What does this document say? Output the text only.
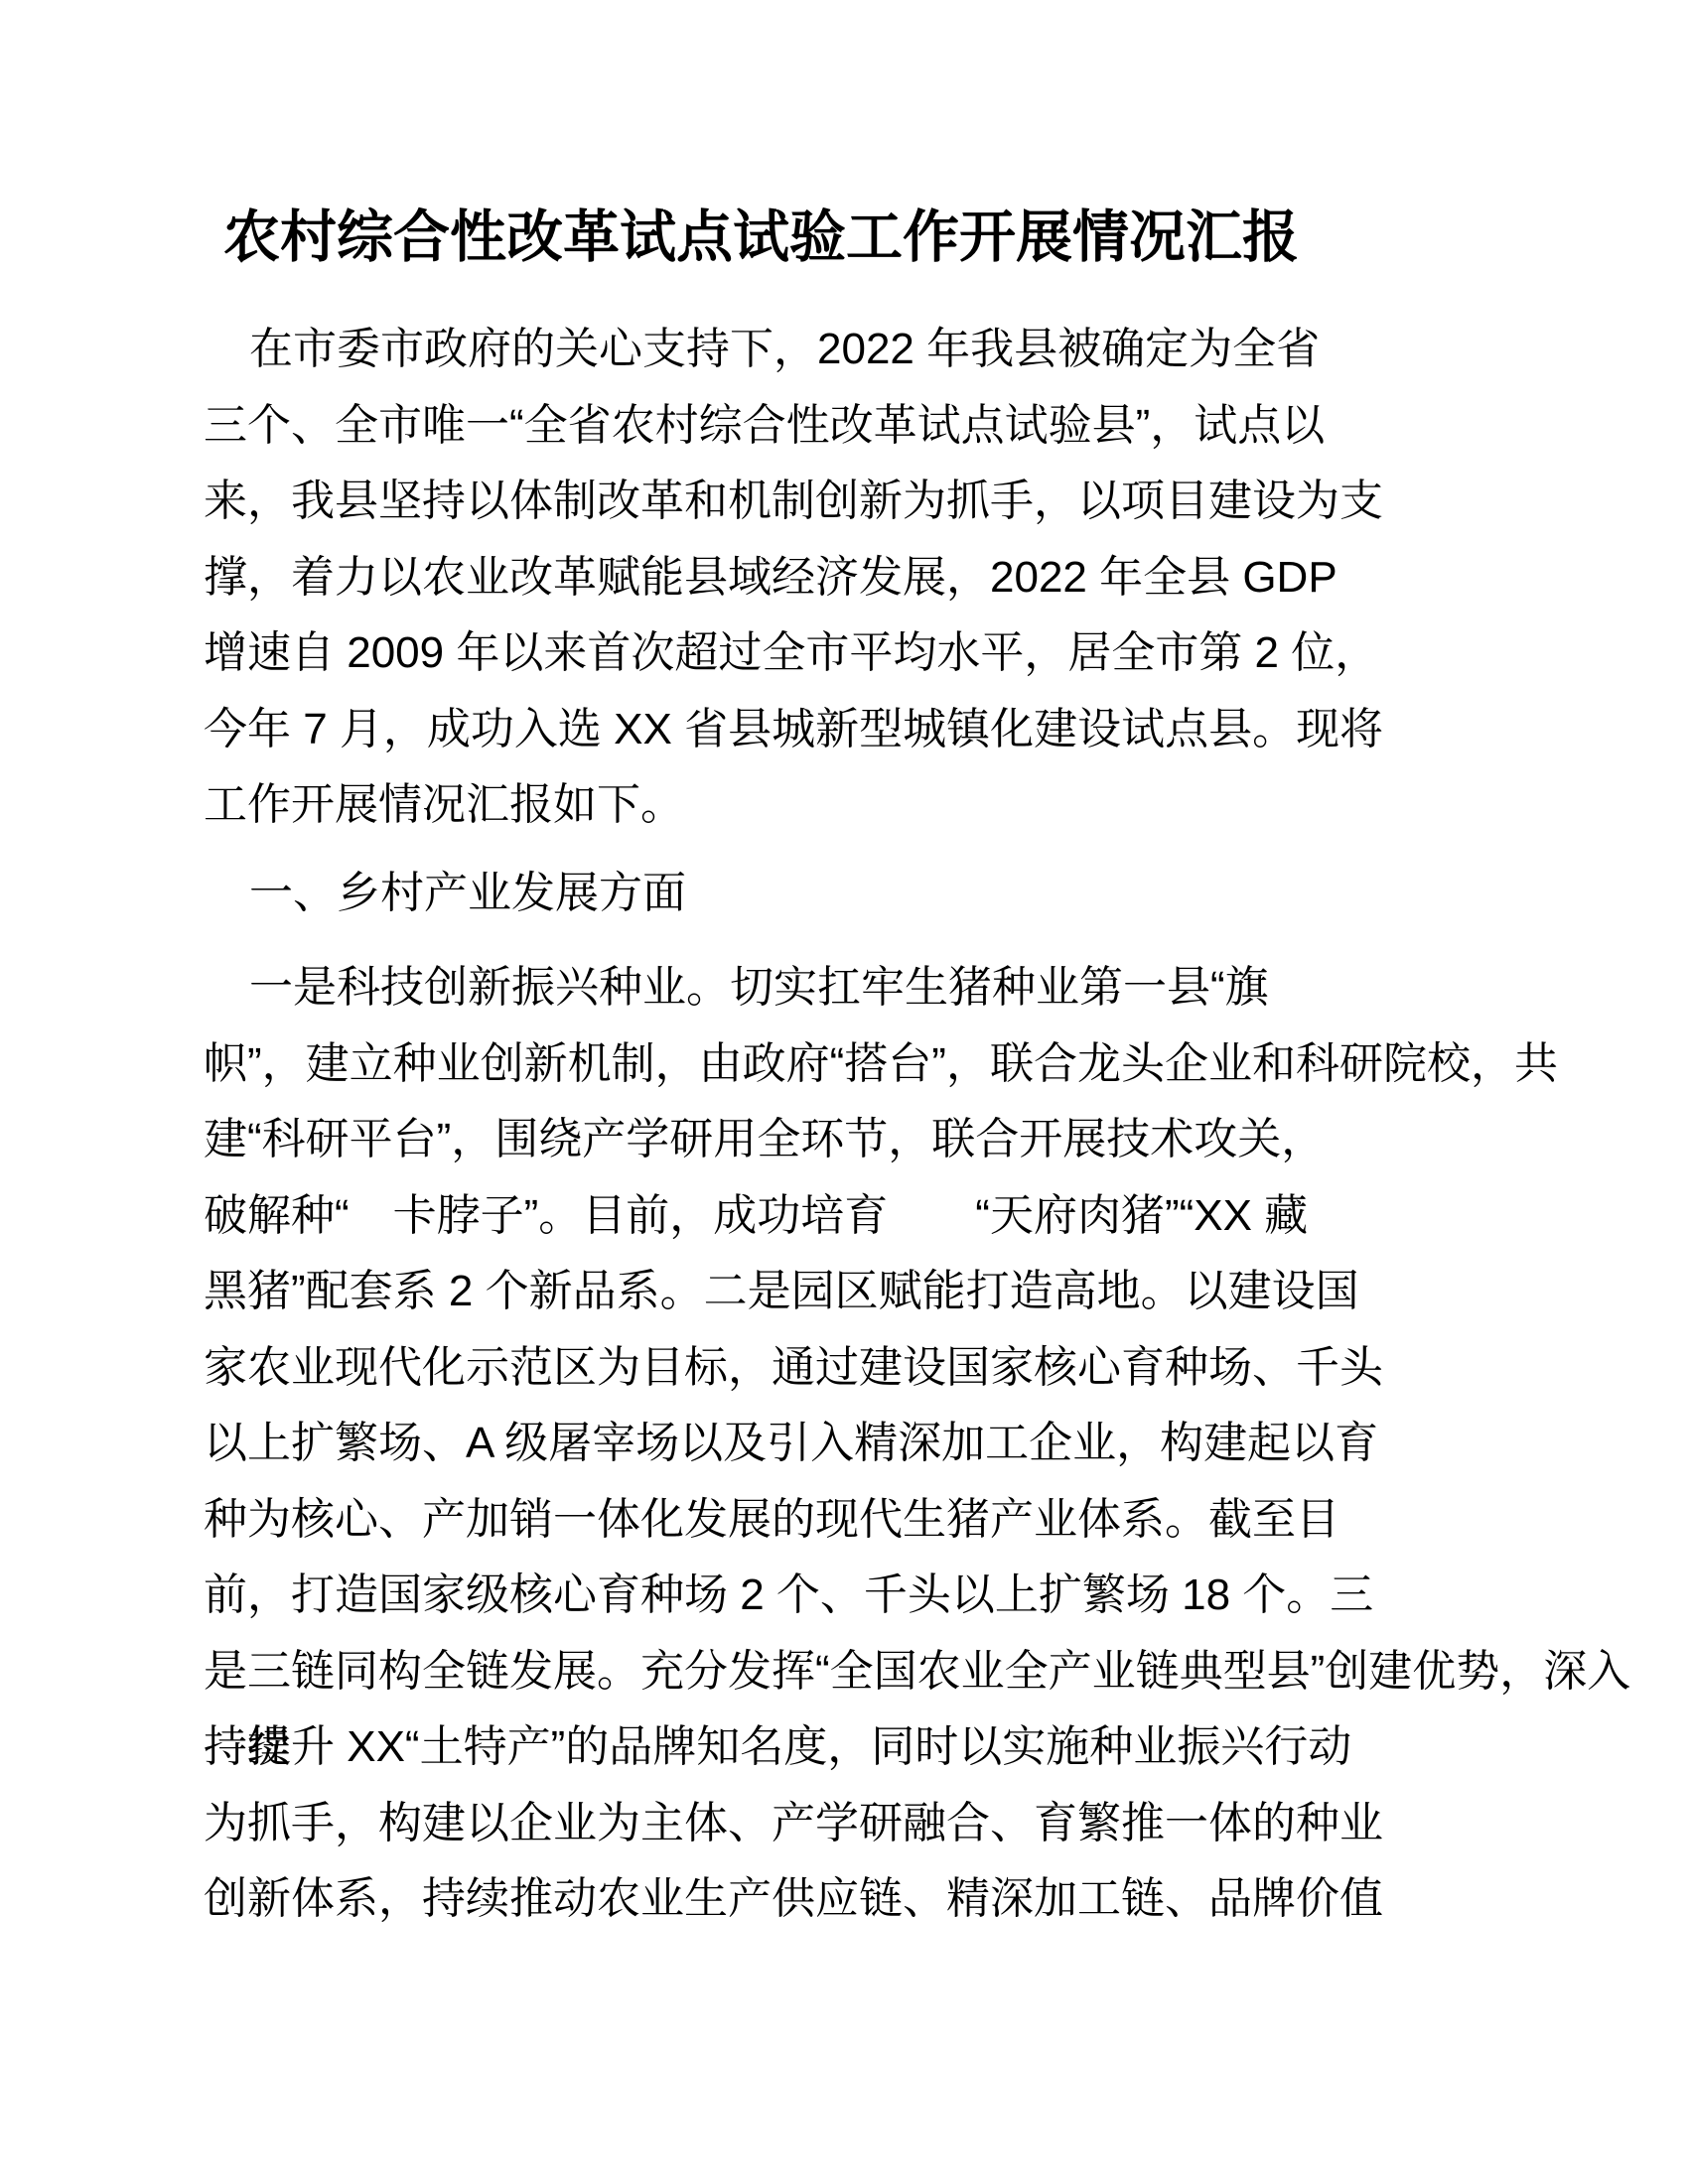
农村综合性改革试点试验工作开展情况汇报
在市委市政府的关心支持下，2022 年我县被确定为全省
三个、全市唯一“全省农村综合性改革试点试验县”，试点以
来，我县坚持以体制改革和机制创新为抓手，以项目建设为支
撑，着力以农业改革赋能县域经济发展，2022 年全县 GDP
增速自 2009 年以来首次超过全市平均水平，居全市第 2 位，
今年 7 月，成功入选 XX 省县城新型城镇化建设试点县。现将
工作开展情况汇报如下。
一、乡村产业发展方面
一是科技创新振兴种业。切实扛牢生猪种业第一县“旗
帜”，建立种业创新机制，由政府“搭台”，联合龙头企业和科研院校，共
建“科研平台”，围绕产学研用全环节，联合开展技术攻关，
破解种“　卡脖子”。目前，成功培育　　“天府肉猪”“XX 藏
黑猪”配套系 2 个新品系。二是园区赋能打造高地。以建设国
家农业现代化示范区为目标，通过建设国家核心育种场、千头
以上扩繁场、A 级屠宰场以及引入精深加工企业，构建起以育
种为核心、产加销一体化发展的现代生猪产业体系。截至目
前，打造国家级核心育种场 2 个、千头以上扩繁场 18 个。三
是三链同构全链发展。充分发挥“全国农业全产业链典型县”创建优势，深入
持 升 XX“土特产”的品牌知名度，同时以实施种业振兴行动
为抓手，构建以企业为主体、产学研融合、育繁推一体的种业
创新体系，持续推动农业生产供应链、精深加工链、品牌价值
